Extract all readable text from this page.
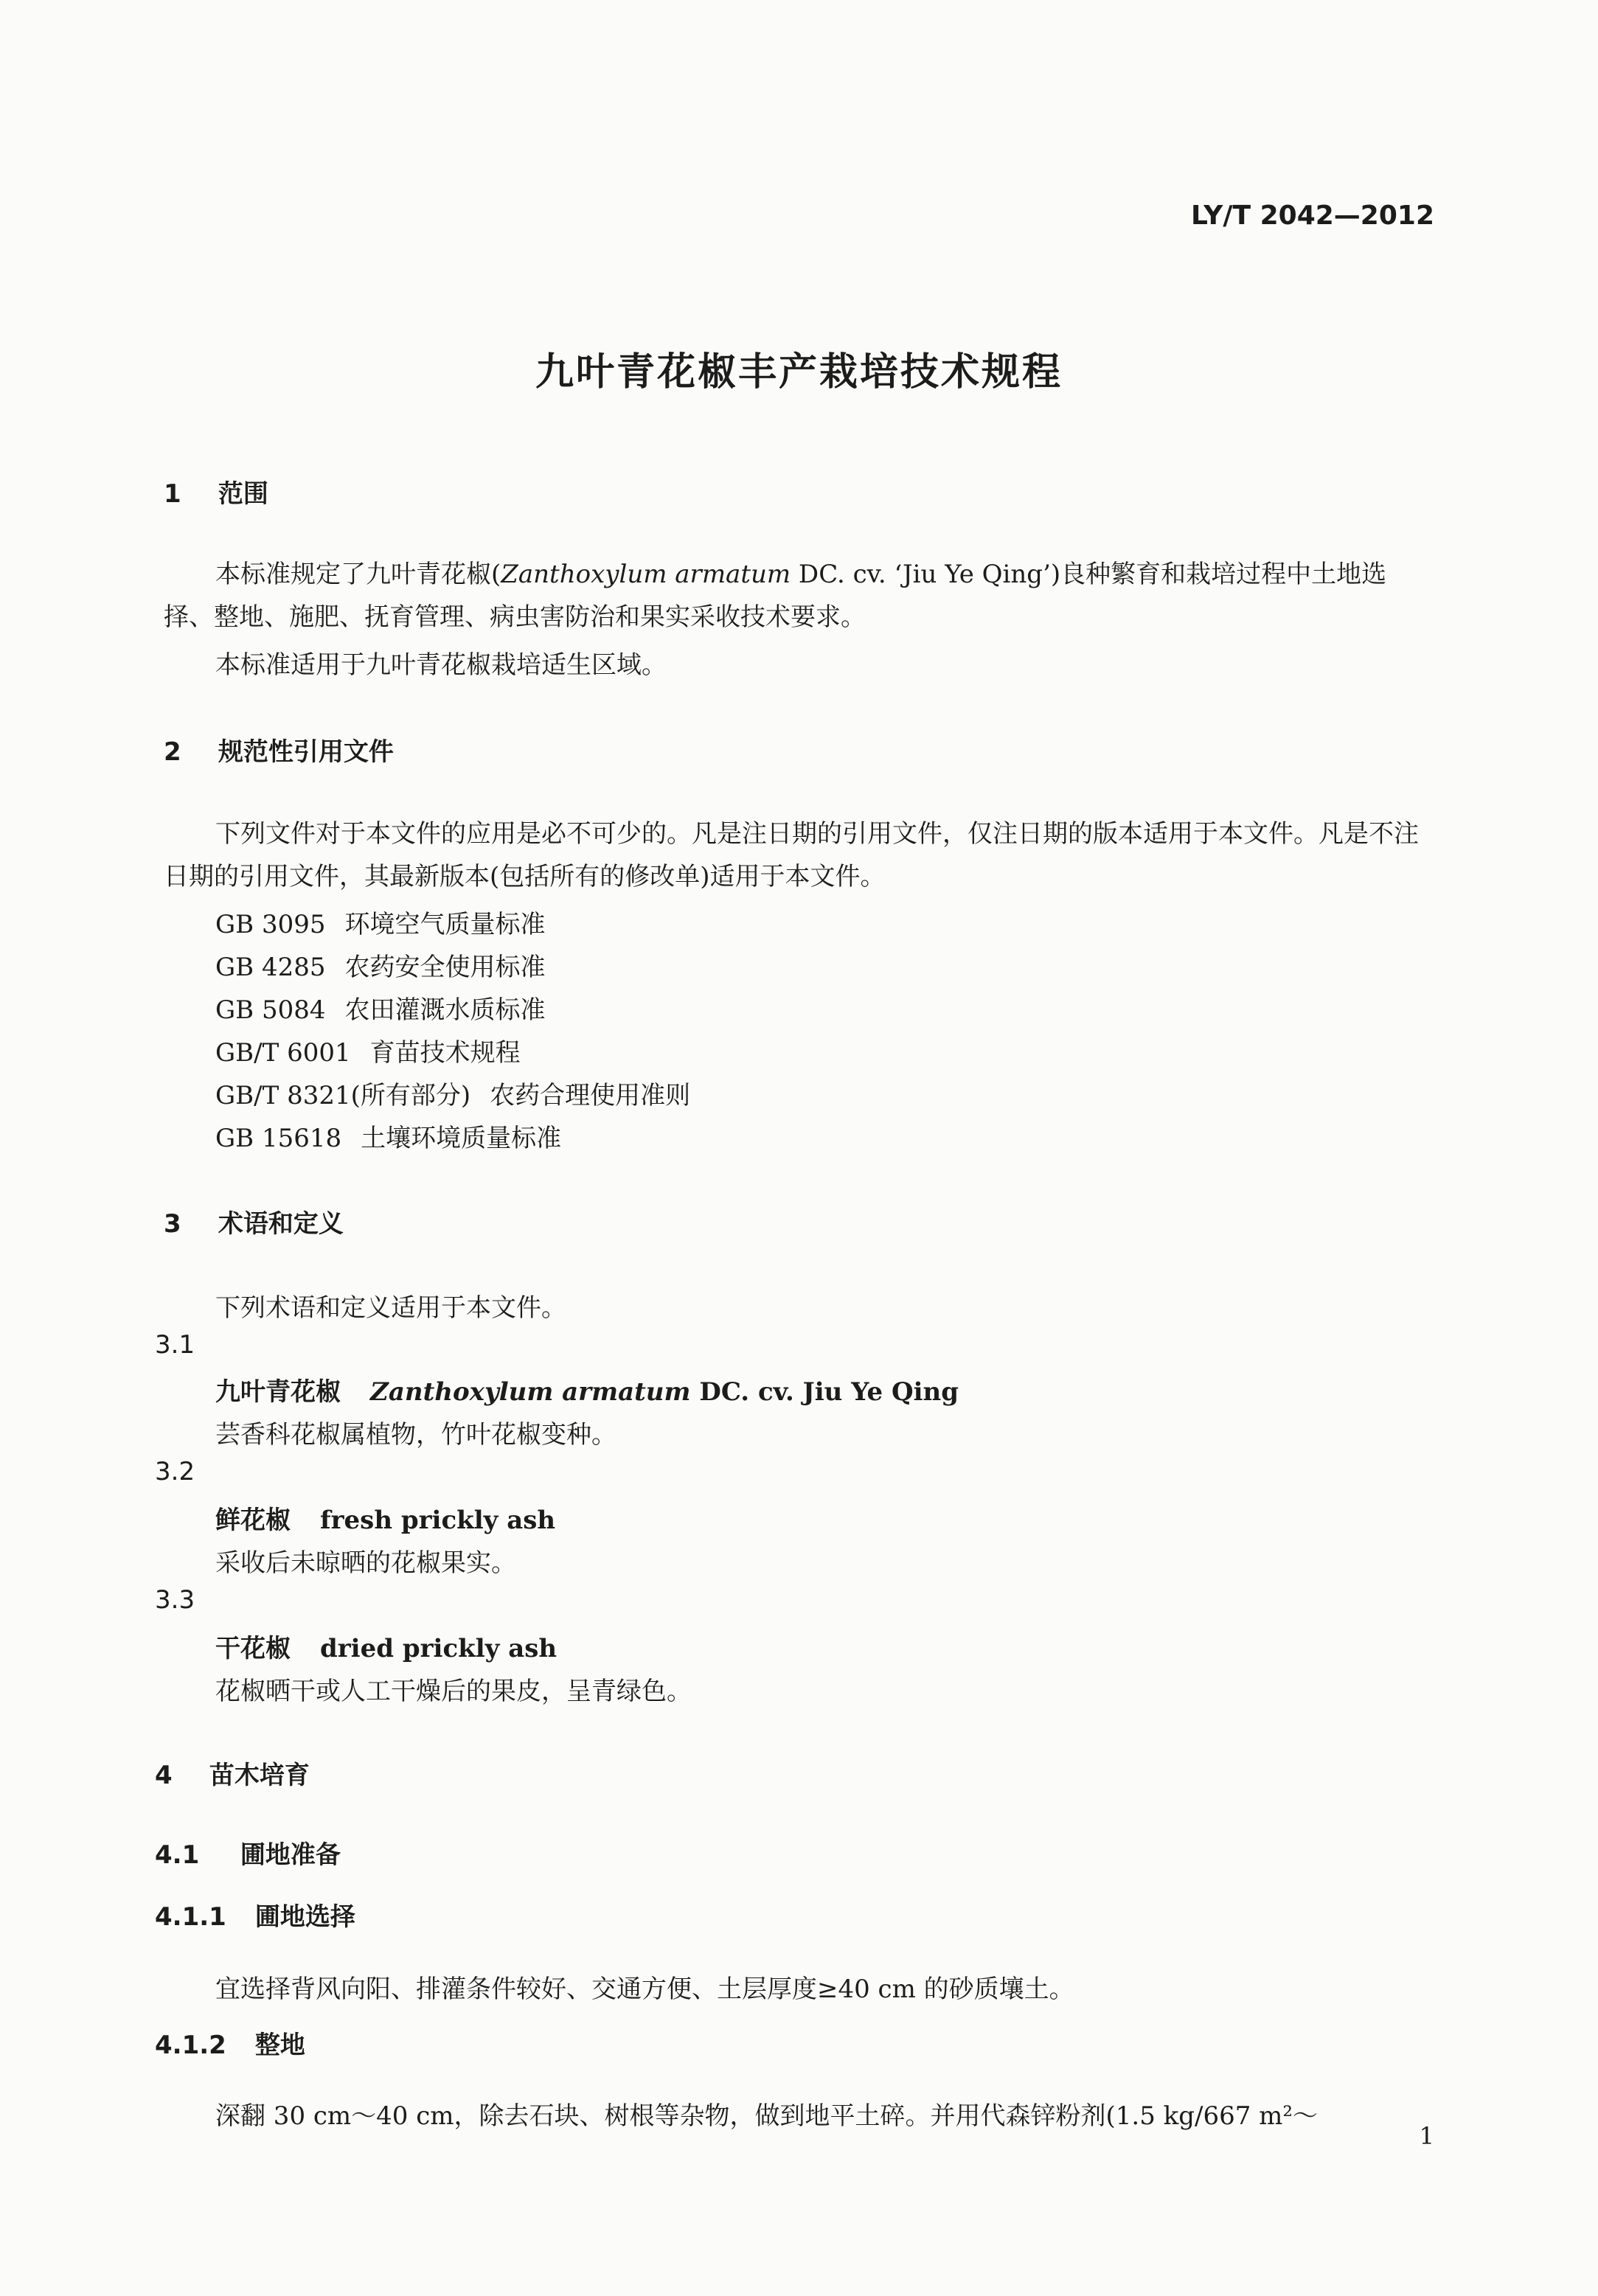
LY/T 2042—2012
九叶青花椒丰产栽培技术规程
1 范围
本标准规定了九叶青花椒(Zanthoxylum armatum DC. cv. ‘Jiu Ye Qing’)良种繁育和栽培过程中土地选择、整地、施肥、抚育管理、病虫害防治和果实采收技术要求。
本标准适用于九叶青花椒栽培适生区域。
2 规范性引用文件
下列文件对于本文件的应用是必不可少的。凡是注日期的引用文件，仅注日期的版本适用于本文件。凡是不注日期的引用文件，其最新版本(包括所有的修改单)适用于本文件。
GB 3095 环境空气质量标准
GB 4285 农药安全使用标准
GB 5084 农田灌溉水质标准
GB/T 6001 育苗技术规程
GB/T 8321(所有部分) 农药合理使用准则
GB 15618 土壤环境质量标准
3 术语和定义
下列术语和定义适用于本文件。
3.1
九叶青花椒 Zanthoxylum armatum DC. cv. Jiu Ye Qing
芸香科花椒属植物，竹叶花椒变种。
3.2
鲜花椒 fresh prickly ash
采收后未晾晒的花椒果实。
3.3
干花椒 dried prickly ash
花椒晒干或人工干燥后的果皮，呈青绿色。
4 苗木培育
4.1 圃地准备
4.1.1 圃地选择
宜选择背风向阳、排灌条件较好、交通方便、土层厚度≥40 cm 的砂质壤土。
4.1.2 整地
深翻 30 cm～40 cm，除去石块、树根等杂物，做到地平土碎。并用代森锌粉剂(1.5 kg/667 m²～
1
